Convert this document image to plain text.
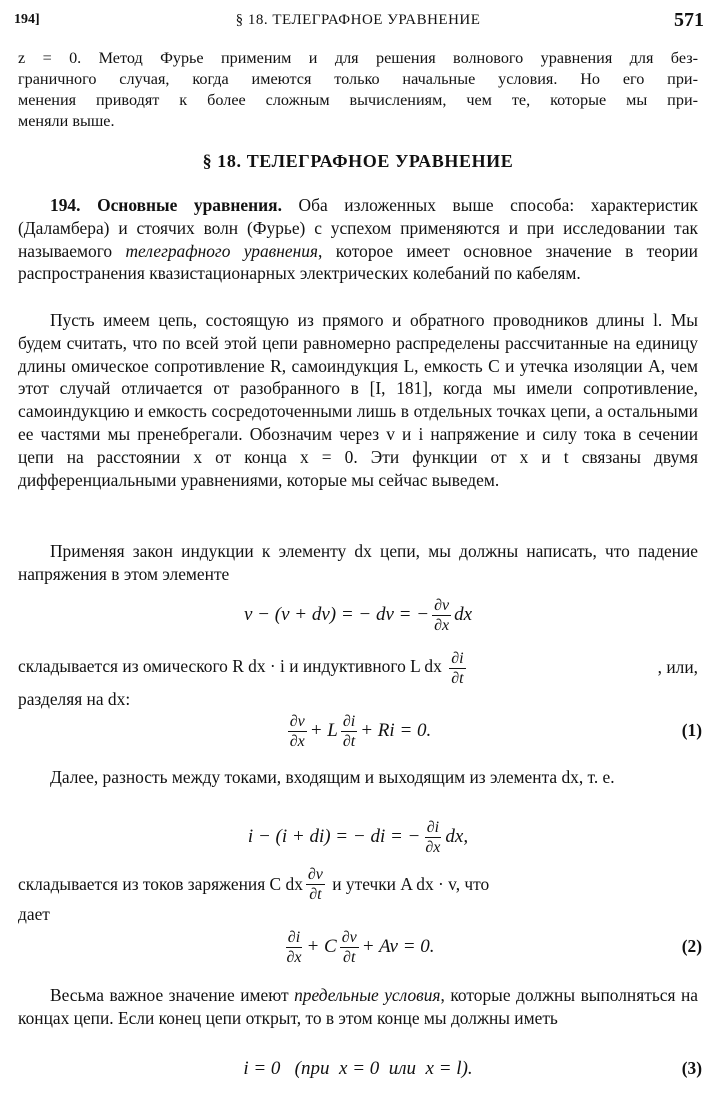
194]	§ 18. ТЕЛЕГРАФНОЕ УРАВНЕНИЕ	571
z = 0. Метод Фурье применим и для решения волнового уравнения для без-
граничного случая, когда имеются только начальные условия. Но его при-
менения приводят к более сложным вычислениям, чем те, которые мы при-
меняли выше.
§ 18. ТЕЛЕГРАФНОЕ УРАВНЕНИЕ
194. Основные уравнения. Оба изложенных выше способа: характеристик (Даламбера) и стоячих волн (Фурье) с успехом применяются и при исследовании так называемого телеграфного уравнения, которое имеет основное значение в теории распространения квазистационарных электрических колебаний по кабелям.
Пусть имеем цепь, состоящую из прямого и обратного проводников длины l. Мы будем считать, что по всей этой цепи равномерно распределены рассчитанные на единицу длины омическое сопротивление R, самоиндукция L, емкость C и утечка изоляции A, чем этот случай отличается от разобранного в [I, 181], когда мы имели сопротивление, самоиндукцию и емкость сосредоточенными лишь в отдельных точках цепи, а остальными ее частями мы пренебрегали. Обозначим через v и i напряжение и силу тока в сечении цепи на расстоянии x от конца x = 0. Эти функции от x и t связаны двумя дифференциальными уравнениями, которые мы сейчас выведем.
Применяя закон индукции к элементу dx цепи, мы должны написать, что падение напряжения в этом элементе
v − (v + dv) = − dv = − $\frac{\partial v}{\partial x}$ dx
складывается из омического R dx · i и индуктивного L dx $\frac{\partial i}{\partial t}$	, или,
разделяя на dx:
$\frac{\partial v}{\partial x} + L \frac{\partial i}{\partial t} + Ri = 0$.	(1)
Далее, разность между токами, входящим и выходящим из элемента dx, т. е.
i − (i + di) = − di = − $\frac{\partial i}{\partial x}$ dx,
складывается из токов заряжения C dx $\frac{\partial v}{\partial t}$ и утечки A dx · v, что
дает
$\frac{\partial i}{\partial x} + C \frac{\partial v}{\partial t} + Av = 0$.	(2)
Весьма важное значение имеют предельные условия, которые должны выполняться на концах цепи. Если конец цепи открыт, то в этом конце мы должны иметь
i = 0   (при  x = 0  или  x = l).	(3)
